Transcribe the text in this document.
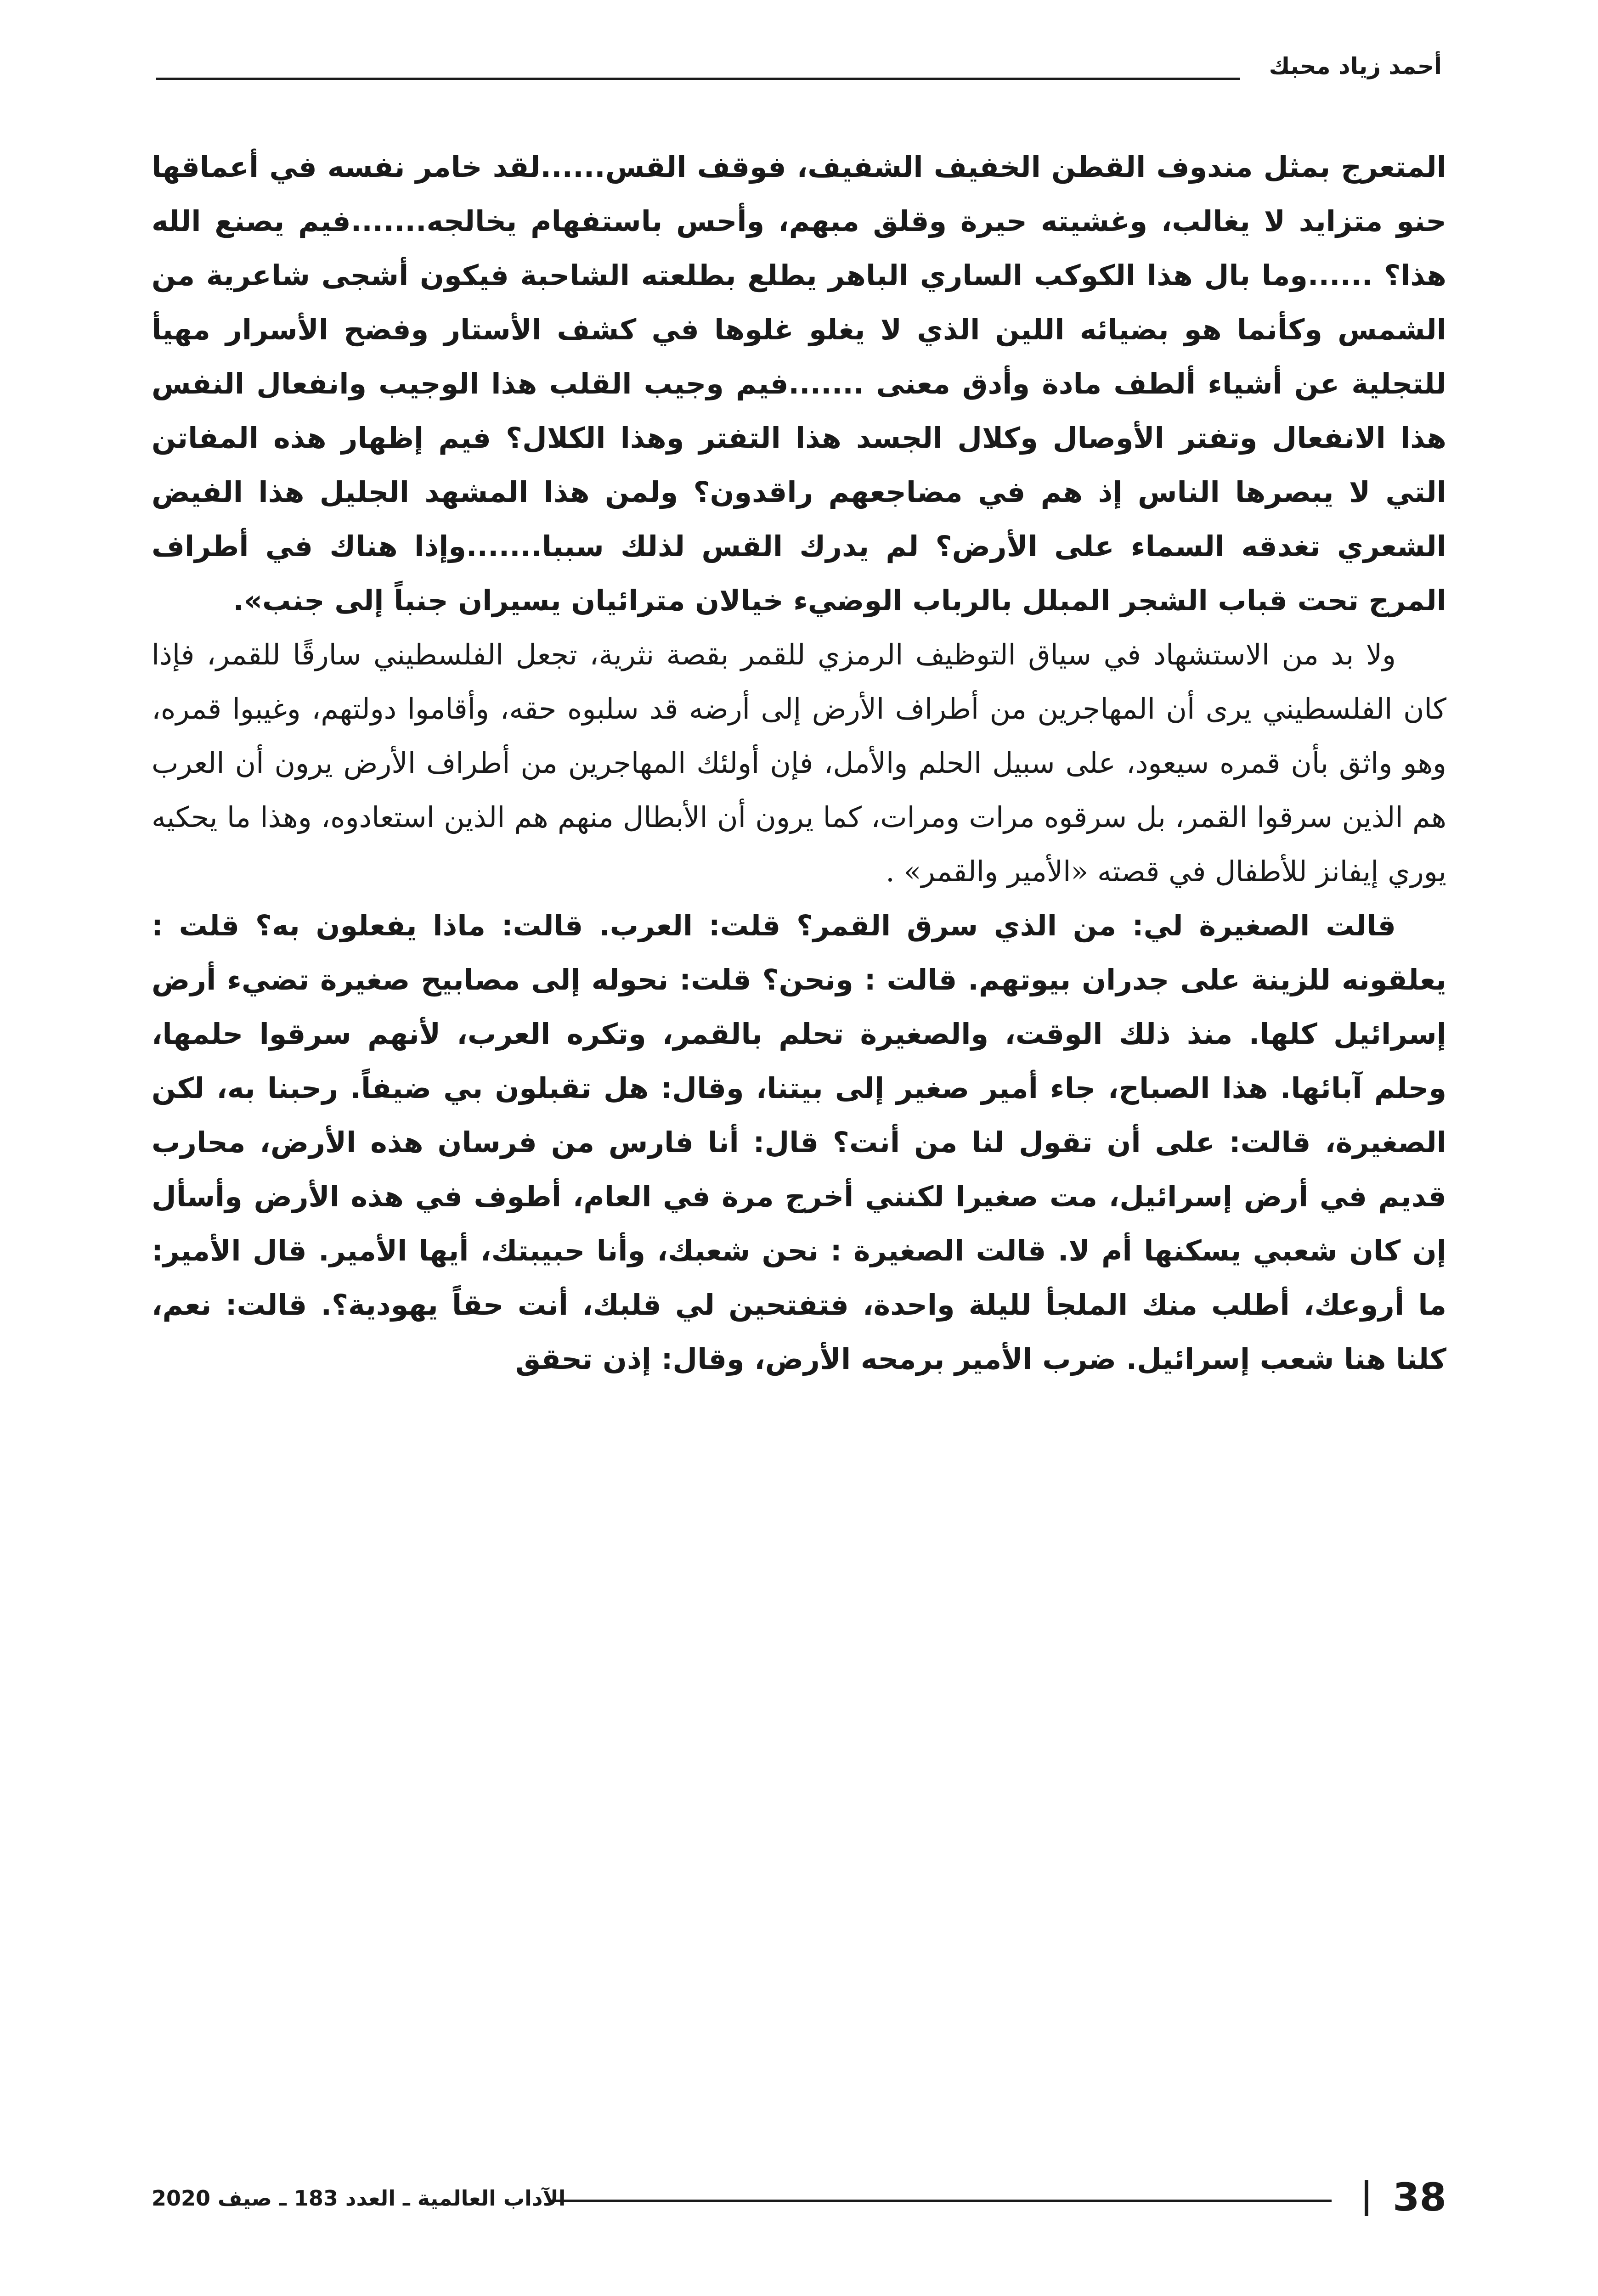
أحمد زياد محبك

المتعرج بمثل مندوف القطن الخفيف الشفيف، فوقف القس......لقد خامر نفسه في أعماقها حنو متزايد لا يغالب، وغشيته حيرة وقلق مبهم، وأحس باستفهام يخالجه.......فيم يصنع الله هذا؟ ......وما بال هذا الكوكب الساري الباهر يطلع بطلعته الشاحبة فيكون أشجى شاعرية من الشمس وكأنما هو بضيائه اللين الذي لا يغلو غلوها في كشف الأستار وفضح الأسرار مهيأ للتجلية عن أشياء ألطف مادة وأدق معنى .......فيم وجيب القلب هذا الوجيب وانفعال النفس هذا الانفعال وتفتر الأوصال وكلال الجسد هذا التفتر وهذا الكلال؟ فيم إظهار هذه المفاتن التي لا يبصرها الناس إذ هم في مضاجعهم راقدون؟ ولمن هذا المشهد الجليل هذا الفيض الشعري تغدقه السماء على الأرض؟ لم يدرك القس لذلك سببا.......وإذا هناك في أطراف المرج تحت قباب الشجر المبلل بالرباب الوضيء خيالان مترائيان يسيران جنباً إلى جنب».

ولا بد من الاستشهاد في سياق التوظيف الرمزي للقمر بقصة نثرية، تجعل الفلسطيني سارقًا للقمر، فإذا كان الفلسطيني يرى أن المهاجرين من أطراف الأرض إلى أرضه قد سلبوه حقه، وأقاموا دولتهم، وغيبوا قمره، وهو واثق بأن قمره سيعود، على سبيل الحلم والأمل، فإن أولئك المهاجرين من أطراف الأرض يرون أن العرب هم الذين سرقوا القمر، بل سرقوه مرات ومرات، كما يرون أن الأبطال منهم هم الذين استعادوه، وهذا ما يحكيه يوري إيفانز للأطفال في قصته «الأمير والقمر» .

قالت الصغيرة لي: من الذي سرق القمر؟ قلت: العرب. قالت: ماذا يفعلون به؟ قلت : يعلقونه للزينة على جدران بيوتهم. قالت : ونحن؟ قلت: نحوله إلى مصابيح صغيرة تضيء أرض إسرائيل كلها. منذ ذلك الوقت، والصغيرة تحلم بالقمر، وتكره العرب، لأنهم سرقوا حلمها، وحلم آبائها. هذا الصباح، جاء أمير صغير إلى بيتنا، وقال: هل تقبلون بي ضيفاً. رحبنا به، لكن الصغيرة، قالت: على أن تقول لنا من أنت؟ قال: أنا فارس من فرسان هذه الأرض، محارب قديم في أرض إسرائيل، مت صغيرا لكنني أخرج مرة في العام، أطوف في هذه الأرض وأسأل إن كان شعبي يسكنها أم لا. قالت الصغيرة : نحن شعبك، وأنا حبيبتك، أيها الأمير. قال الأمير: ما أروعك، أطلب منك الملجأ لليلة واحدة، فتفتحين لي قلبك، أنت حقاً يهودية؟. قالت: نعم، كلنا هنا شعب إسرائيل. ضرب الأمير برمحه الأرض، وقال: إذن تحقق

38
الآداب العالمية ـ العدد 183 ـ صيف 2020
